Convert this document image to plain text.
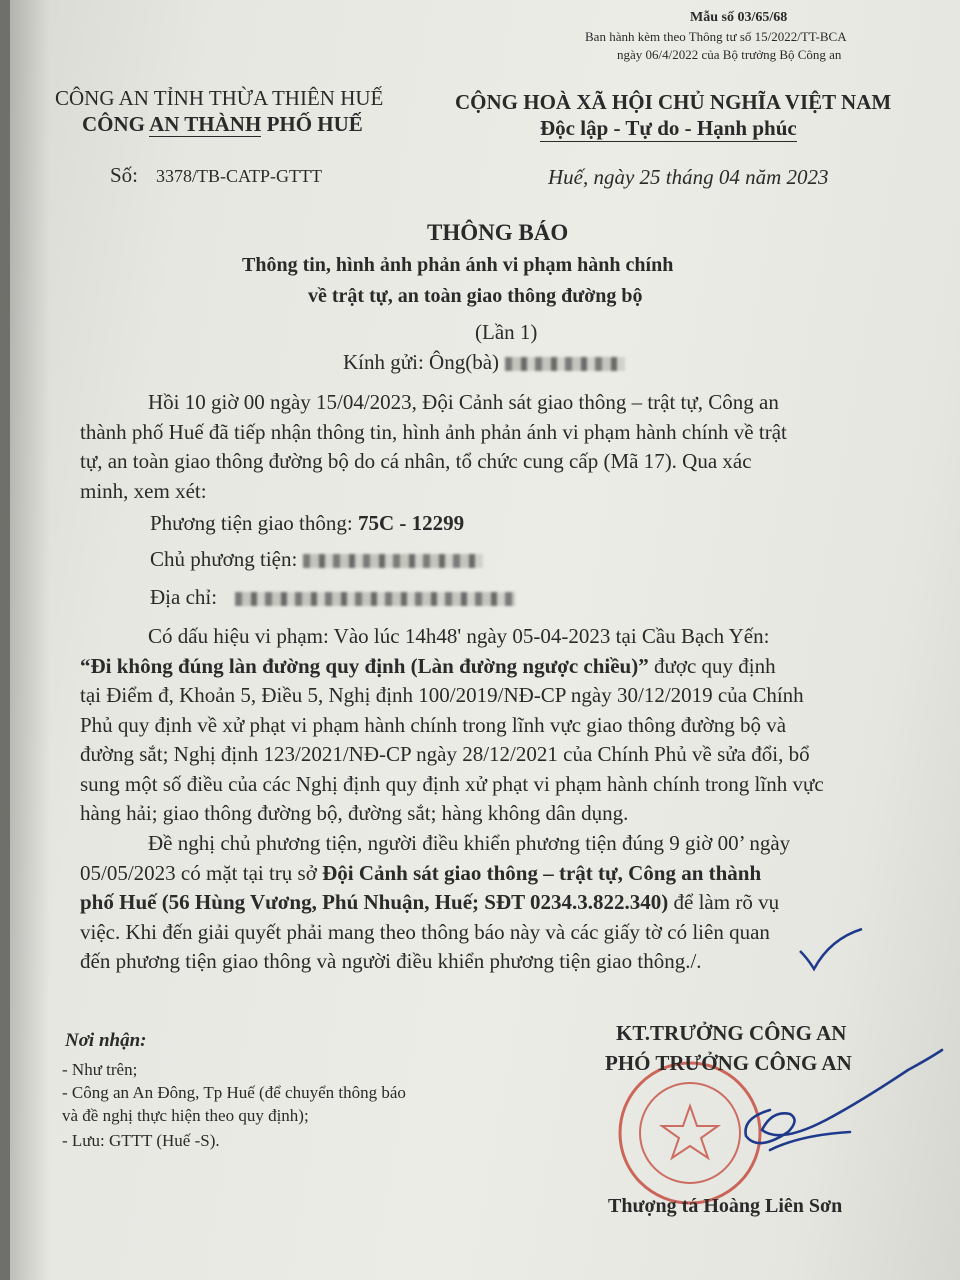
Mẫu số 03/65/68
Ban hành kèm theo Thông tư số 15/2022/TT-BCA
ngày 06/4/2022 của Bộ trưởng Bộ Công an
CÔNG AN TỈNH THỪA THIÊN HUẾ
CÔNG AN THÀNH PHỐ HUẾ
CỘNG HOÀ XÃ HỘI CHỦ NGHĨA VIỆT NAM
Độc lập - Tự do - Hạnh phúc
Số: 3378/TB-CATP-GTTT	Huế, ngày 25 tháng 04 năm 2023
THÔNG BÁO
Thông tin, hình ảnh phản ánh vi phạm hành chính
về trật tự, an toàn giao thông đường bộ
(Lần 1)
Kính gửi: Ông(bà)
Hồi 10 giờ 00 ngày 15/04/2023, Đội Cảnh sát giao thông – trật tự, Công an
thành phố Huế đã tiếp nhận thông tin, hình ảnh phản ánh vi phạm hành chính về trật
tự, an toàn giao thông đường bộ do cá nhân, tổ chức cung cấp (Mã 17). Qua xác
minh, xem xét:
Phương tiện giao thông: 75C - 12299
Chủ phương tiện:
Địa chỉ:
Có dấu hiệu vi phạm: Vào lúc 14h48' ngày 05-04-2023 tại Cầu Bạch Yến:
“Đi không đúng làn đường quy định (Làn đường ngược chiều)” được quy định
tại Điểm đ, Khoản 5, Điều 5, Nghị định 100/2019/NĐ-CP ngày 30/12/2019 của Chính
Phủ quy định về xử phạt vi phạm hành chính trong lĩnh vực giao thông đường bộ và
đường sắt; Nghị định 123/2021/NĐ-CP ngày 28/12/2021 của Chính Phủ về sửa đổi, bổ
sung một số điều của các Nghị định quy định xử phạt vi phạm hành chính trong lĩnh vực
hàng hải; giao thông đường bộ, đường sắt; hàng không dân dụng.
Đề nghị chủ phương tiện, người điều khiển phương tiện đúng 9 giờ 00’ ngày
05/05/2023 có mặt tại trụ sở Đội Cảnh sát giao thông – trật tự, Công an thành
phố Huế (56 Hùng Vương, Phú Nhuận, Huế; SĐT 0234.3.822.340) để làm rõ vụ
việc. Khi đến giải quyết phải mang theo thông báo này và các giấy tờ có liên quan
đến phương tiện giao thông và người điều khiển phương tiện giao thông./.
Nơi nhận:
- Như trên;
- Công an An Đông, Tp Huế (để chuyển thông báo
và đề nghị thực hiện theo quy định);
- Lưu: GTTT (Huế -S).
KT.TRƯỞNG CÔNG AN
PHÓ TRƯỞNG CÔNG AN
Thượng tá Hoàng Liên Sơn
